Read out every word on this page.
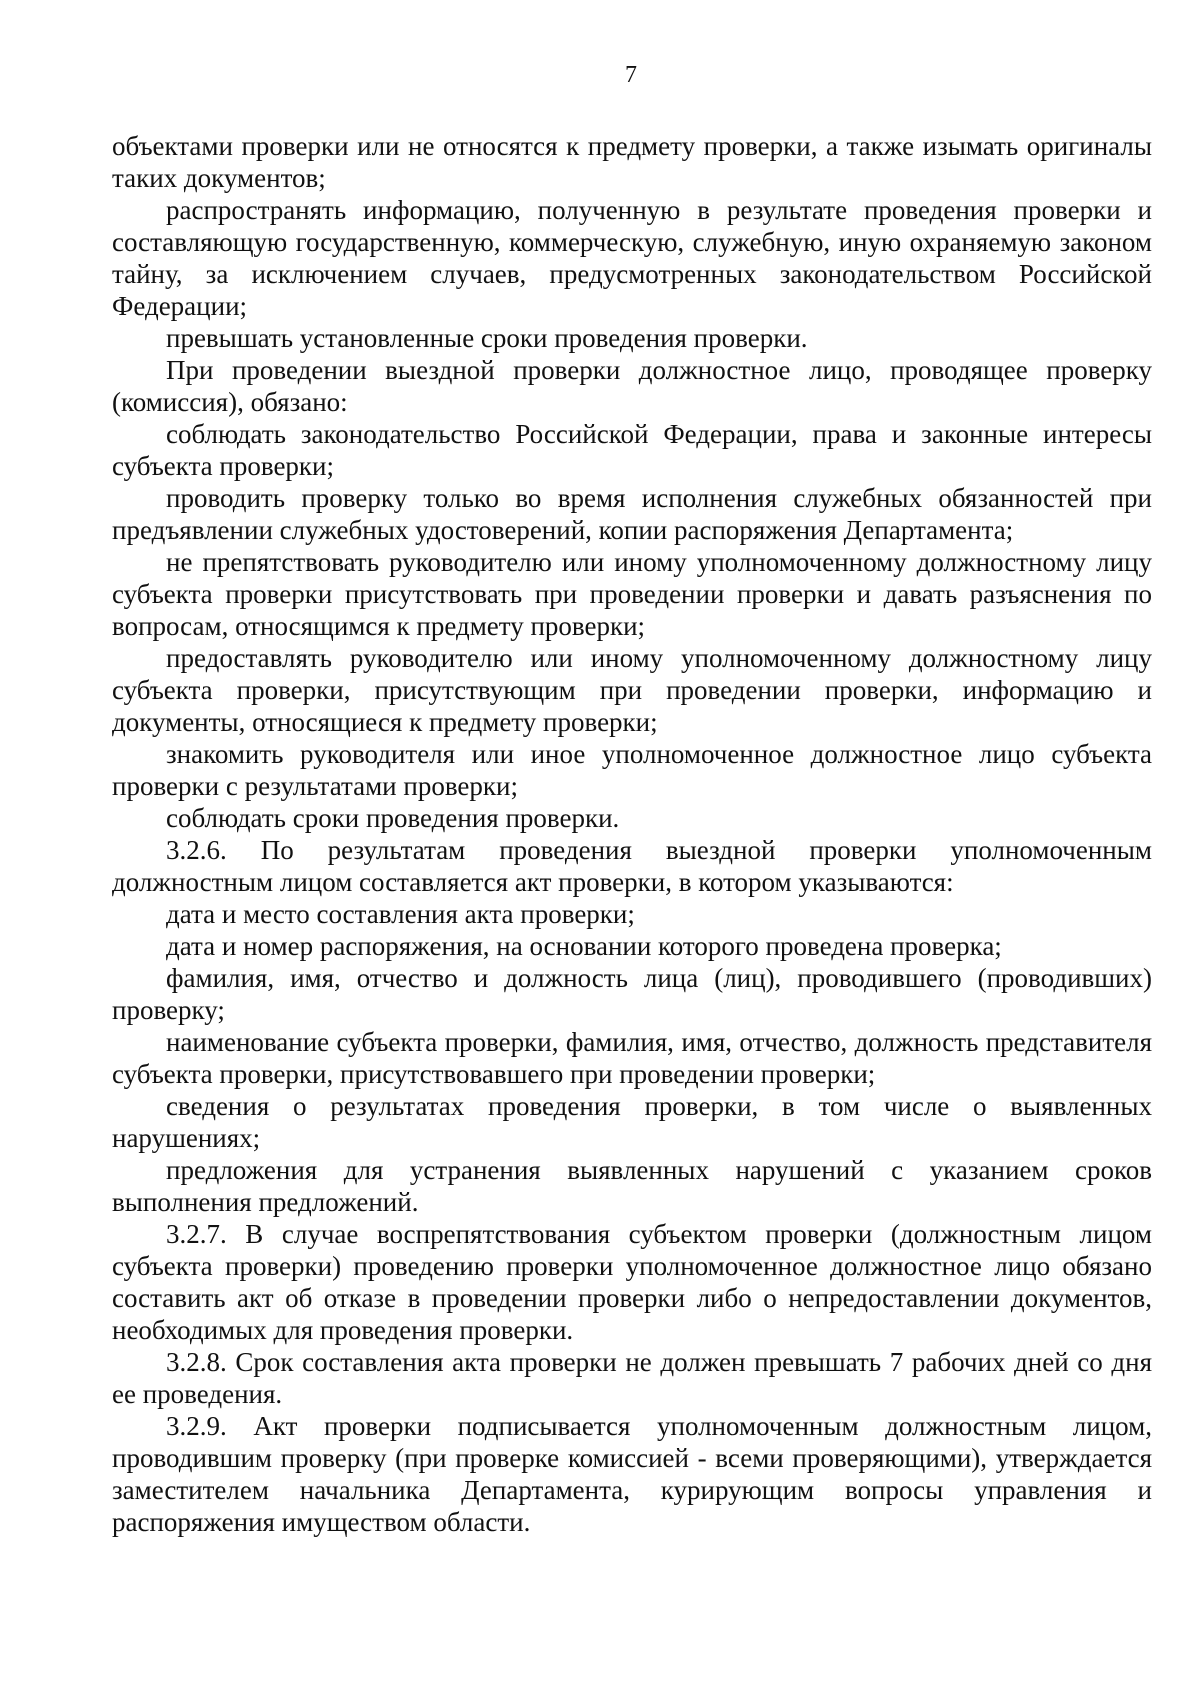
7

объектами проверки или не относятся к предмету проверки, а также изымать оригиналы таких документов;

распространять информацию, полученную в результате проведения проверки и составляющую государственную, коммерческую, служебную, иную охраняемую законом тайну, за исключением случаев, предусмотренных законодательством Российской Федерации;

превышать установленные сроки проведения проверки.

При проведении выездной проверки должностное лицо, проводящее проверку (комиссия), обязано:

соблюдать законодательство Российской Федерации, права и законные интересы субъекта проверки;

проводить проверку только во время исполнения служебных обязанностей при предъявлении служебных удостоверений, копии распоряжения Департамента;

не препятствовать руководителю или иному уполномоченному должностному лицу субъекта проверки присутствовать при проведении проверки и давать разъяснения по вопросам, относящимся к предмету проверки;

предоставлять руководителю или иному уполномоченному должностному лицу субъекта проверки, присутствующим при проведении проверки, информацию и документы, относящиеся к предмету проверки;

знакомить руководителя или иное уполномоченное должностное лицо субъекта проверки с результатами проверки;

соблюдать сроки проведения проверки.

3.2.6. По результатам проведения выездной проверки уполномоченным должностным лицом составляется акт проверки, в котором указываются:

дата и место составления акта проверки;

дата и номер распоряжения, на основании которого проведена проверка;

фамилия, имя, отчество и должность лица (лиц), проводившего (проводивших) проверку;

наименование субъекта проверки, фамилия, имя, отчество, должность представителя субъекта проверки, присутствовавшего при проведении проверки;

сведения о результатах проведения проверки, в том числе о выявленных нарушениях;

предложения для устранения выявленных нарушений с указанием сроков выполнения предложений.

3.2.7. В случае воспрепятствования субъектом проверки (должностным лицом субъекта проверки) проведению проверки уполномоченное должностное лицо обязано составить акт об отказе в проведении проверки либо о непредоставлении документов, необходимых для проведения проверки.

3.2.8. Срок составления акта проверки не должен превышать 7 рабочих дней со дня ее проведения.

3.2.9. Акт проверки подписывается уполномоченным должностным лицом, проводившим проверку (при проверке комиссией - всеми проверяющими), утверждается заместителем начальника Департамента, курирующим вопросы управления и распоряжения имуществом области.
